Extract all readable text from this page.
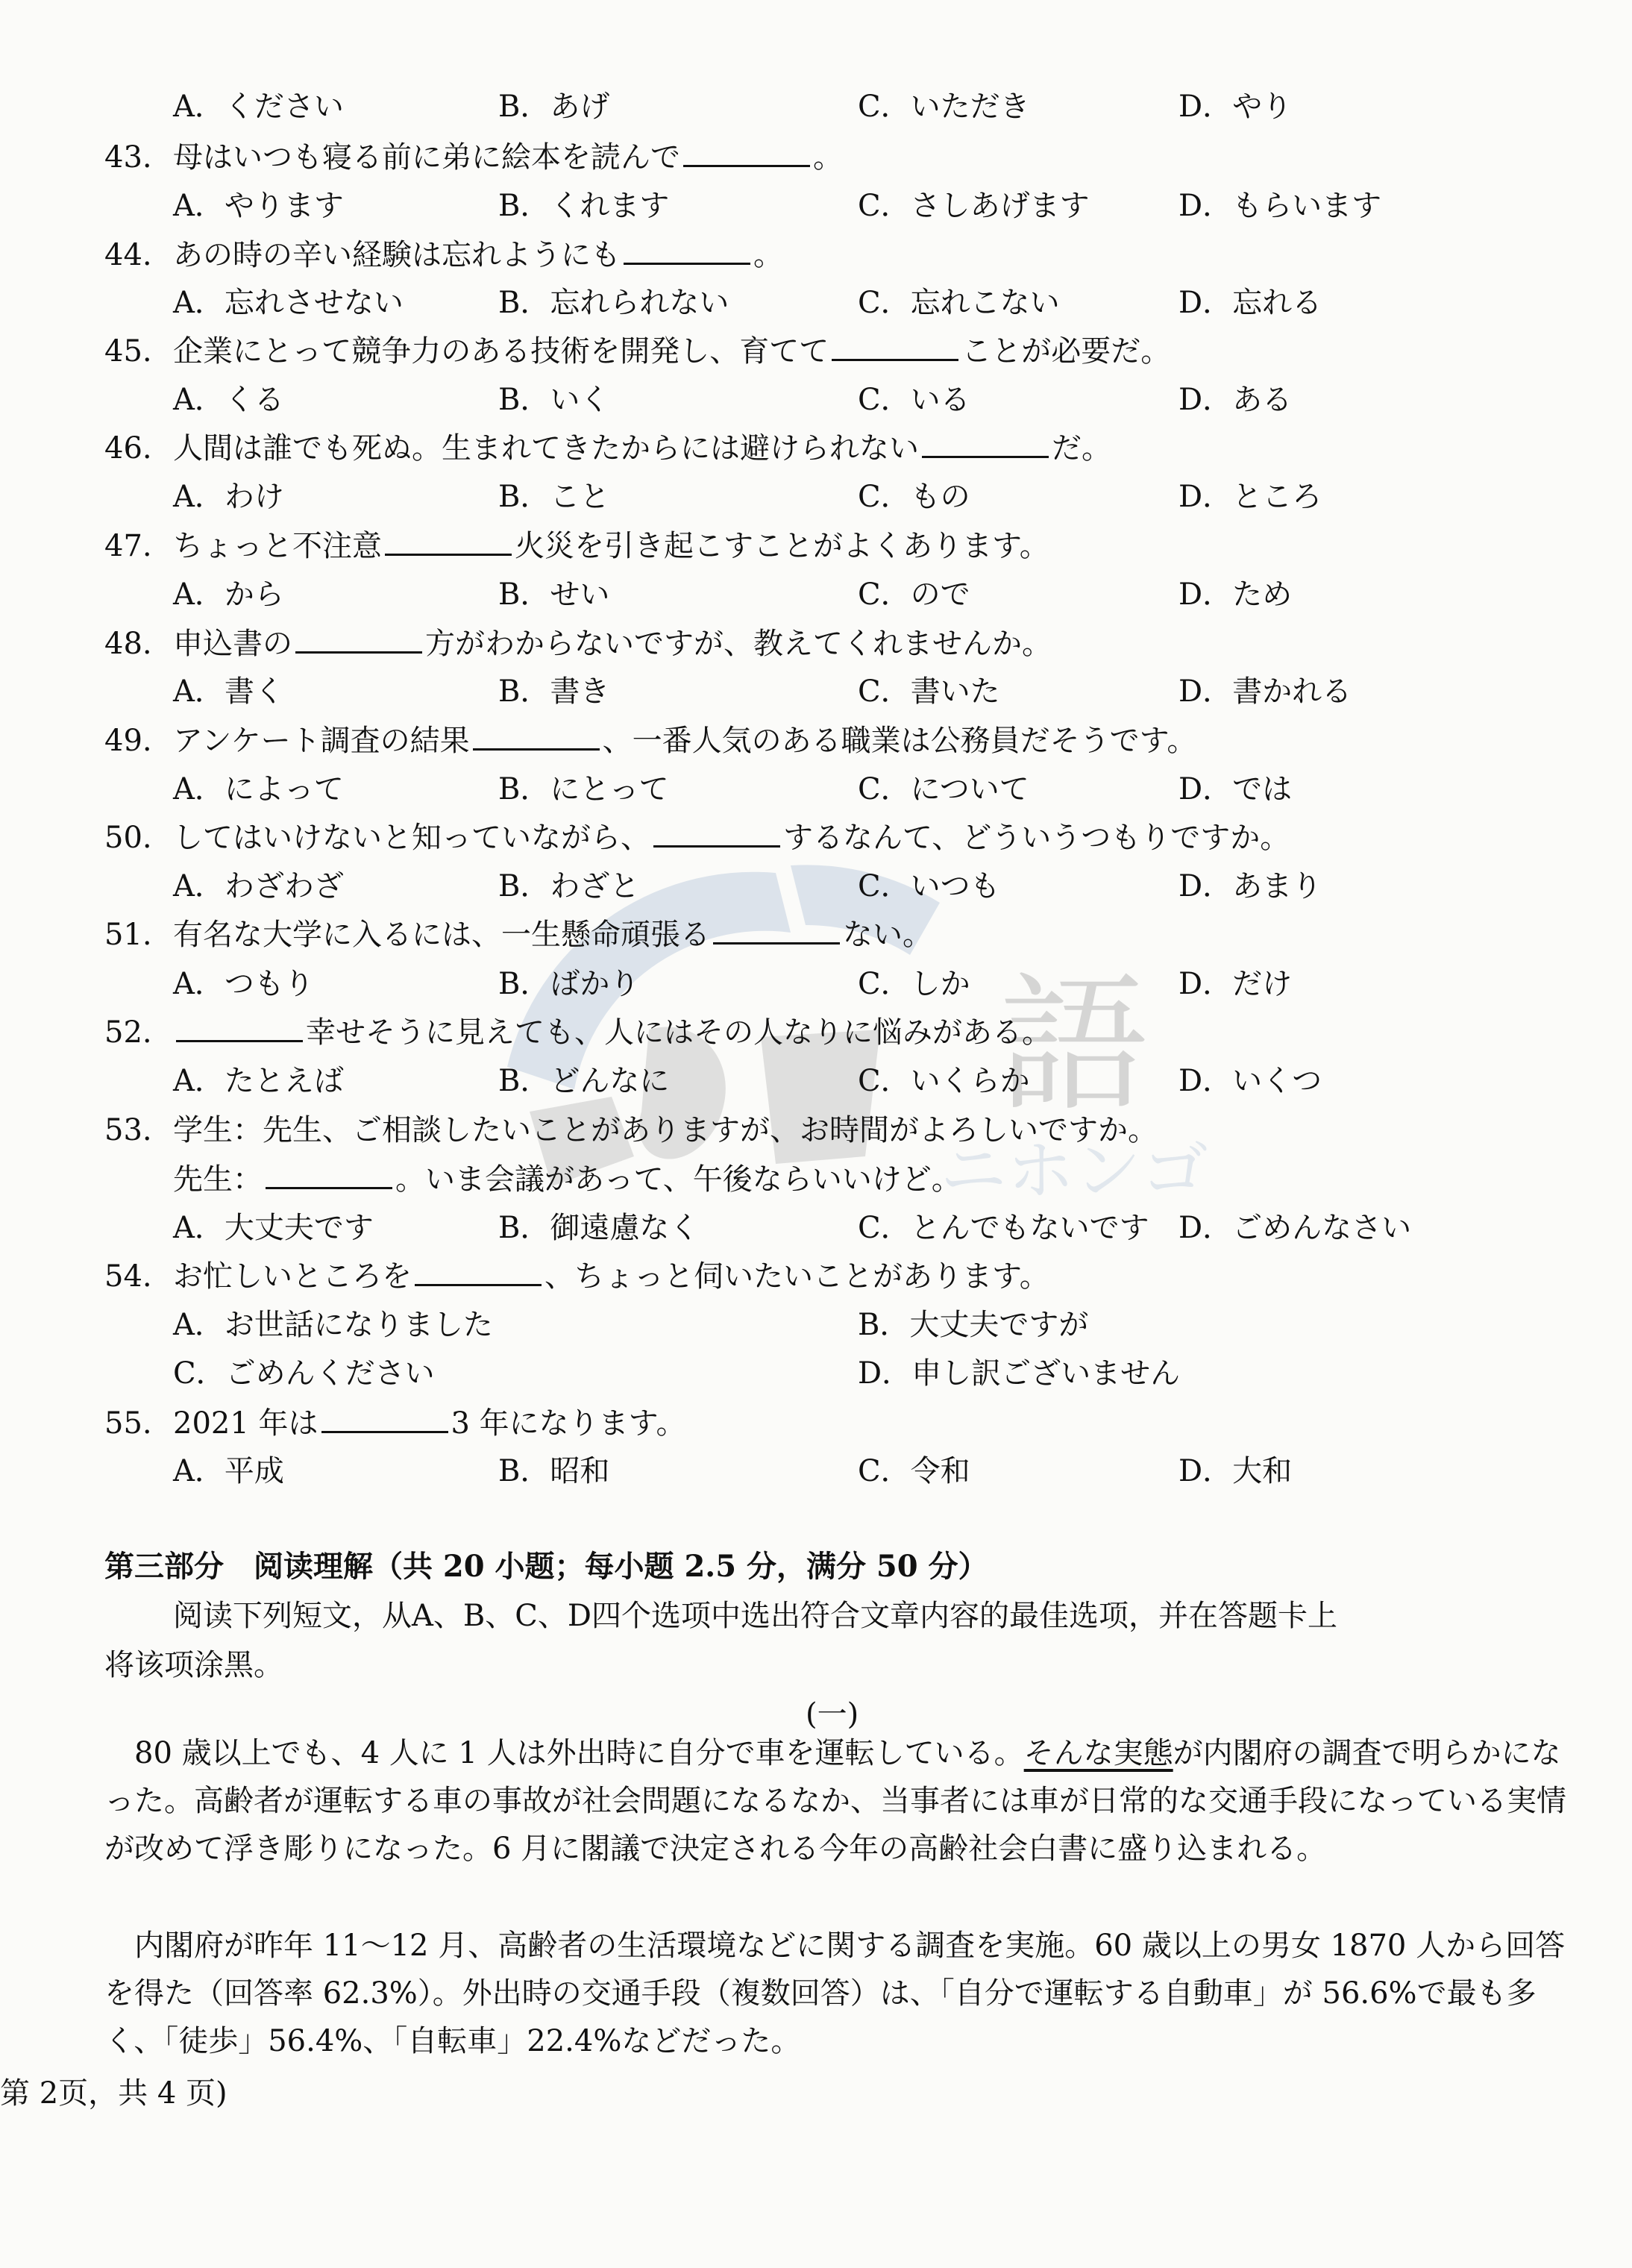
語
ニホンゴ
A．ください	B．あげ	C．いただき	D．やり
43. 母はいつも寝る前に弟に絵本を読んで	。
A．やります	B．くれます	C．さしあげます	D．もらいます
44. あの時の辛い経験は忘れようにも	。
A．忘れさせない	B．忘れられない	C．忘れこない	D．忘れる
45. 企業にとって競争力のある技術を開発し、育てて	ことが必要だ。
A．くる	B．いく	C．いる	D．ある
46. 人間は誰でも死ぬ。生まれてきたからには避けられない	だ。
A．わけ	B．こと	C．もの	D．ところ
47. ちょっと不注意	火災を引き起こすことがよくあります。
A．から	B．せい	C．ので	D．ため
48. 申込書の	方がわからないですが、教えてくれませんか。
A．書く	B．書き	C．書いた	D．書かれる
49. アンケート調査の結果	、一番人気のある職業は公務員だそうです。
A．によって	B．にとって	C．について	D．では
50. してはいけないと知っていながら、	するなんて、どういうつもりですか。
A．わざわざ	B．わざと	C．いつも	D．あまり
51. 有名な大学に入るには、一生懸命頑張る	ない。
A．つもり	B．ばかり	C．しか	D．だけ
52.	幸せそうに見えても、人にはその人なりに悩みがある。
A．たとえば	B．どんなに	C．いくらか	D．いくつ
53. 学生：先生、ご相談したいことがありますが、お時間がよろしいですか。
先生：	。いま会議があって、午後ならいいけど。
A．大丈夫です	B．御遠慮なく	C．とんでもないです D．ごめんなさい
54. お忙しいところを	、ちょっと伺いたいことがあります。
A．お世話になりました	B．大丈夫ですが
C．ごめんください	D．申し訳ございません
55. 2021 年は	3 年になります。
A．平成	B．昭和	C．令和	D．大和
第三部分　阅读理解（共 20 小题；每小题 2.5 分，满分 50 分）
阅读下列短文，从A、B、C、D四个选项中选出符合文章内容的最佳选项，并在答题卡上
将该项涂黑。
(一)

80 歳以上でも、4 人に 1 人は外出時に自分で車を運転している。そんな実態が内閣府の調査で明らかになった。高齢者が運転する車の事故が社会問題になるなか、当事者には車が日常的な交通手段になっている実情が改めて浮き彫りになった。6 月に閣議で決定される今年の高齢社会白書に盛り込まれる。

内閣府が昨年 11～12 月、高齢者の生活環境などに関する調査を実施。60 歳以上の男女 1870 人から回答を得た（回答率 62.3%）。外出時の交通手段（複数回答）は、「自分で運転する自動車」が 56.6%で最も多く、「徒歩」56.4%、「自転車」22.4%などだった。

第 2页，共 4 页)
